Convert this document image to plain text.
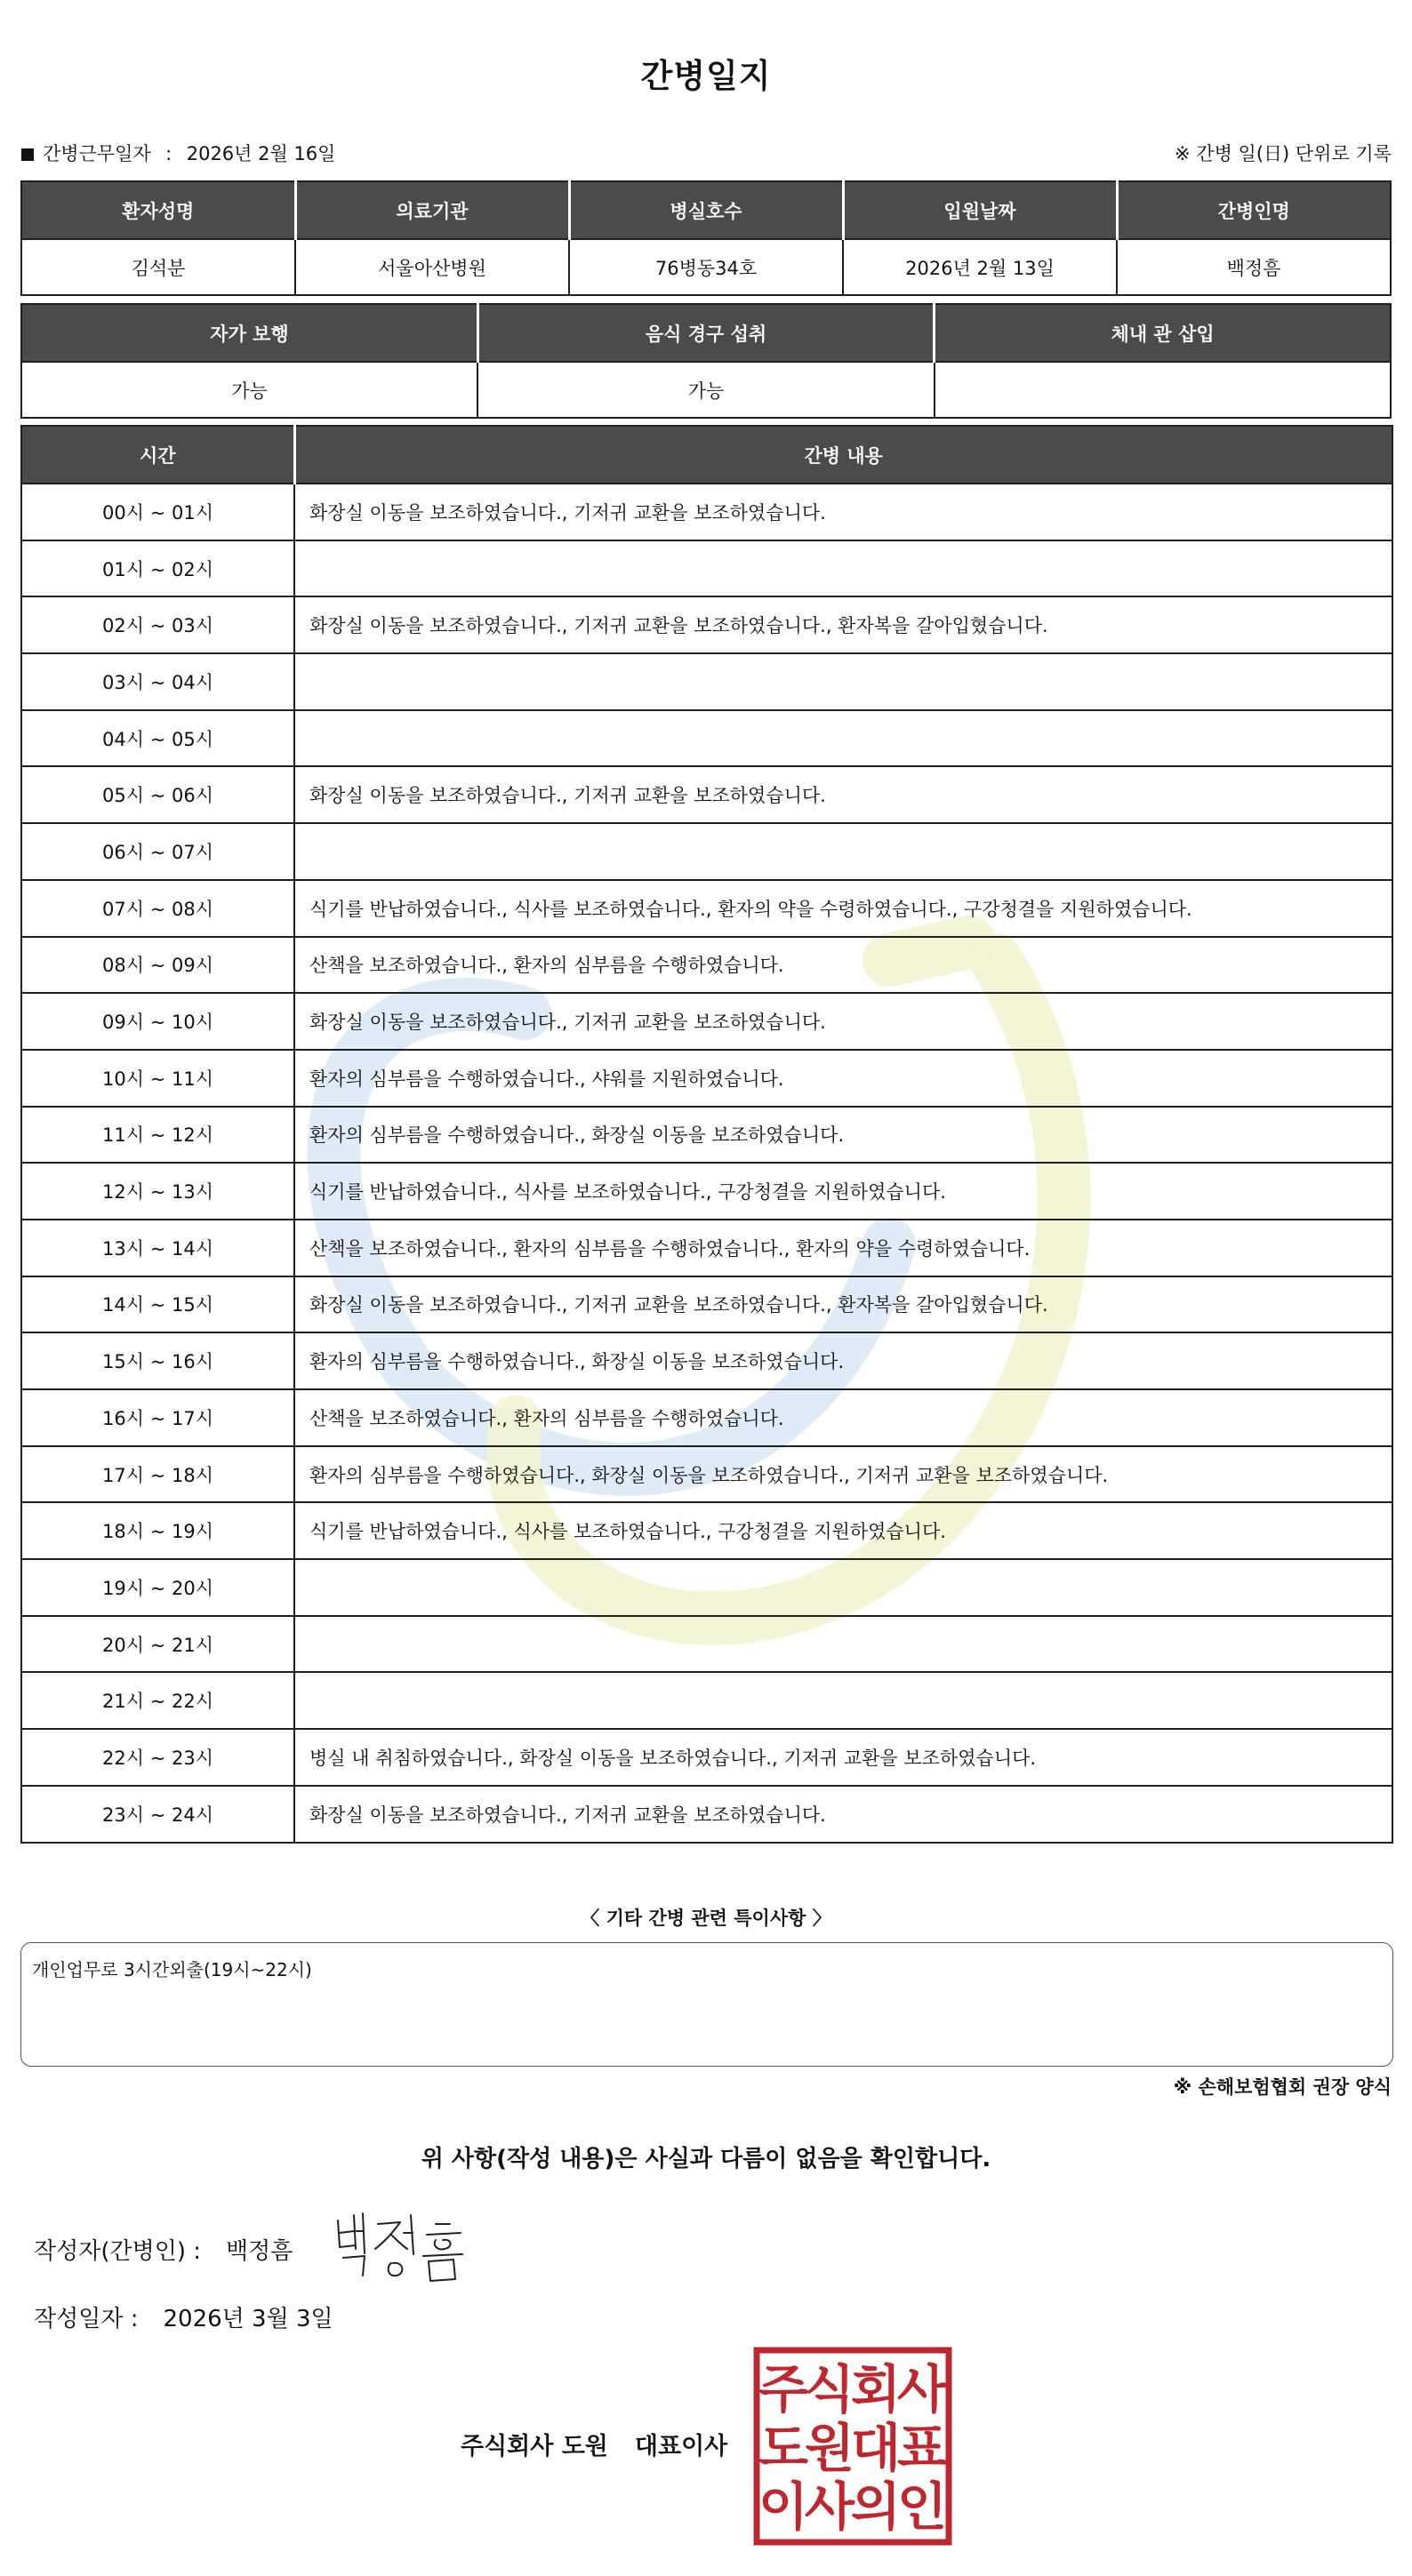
간병일지
간병근무일자 : 2026년 2월 16일	※ 간병 일(日) 단위로 기록
환자성명	의료기관	병실호수	입원날짜	간병인명
김석분	서울아산병원	76병동34호	2026년 2월 13일	백정흠
자가 보행	음식 경구 섭취	체내 관 삽입
가능	가능	
시간	간병 내용
00시 ~ 01시	화장실 이동을 보조하였습니다., 기저귀 교환을 보조하였습니다.
01시 ~ 02시	
02시 ~ 03시	화장실 이동을 보조하였습니다., 기저귀 교환을 보조하였습니다., 환자복을 갈아입혔습니다.
03시 ~ 04시	
04시 ~ 05시	
05시 ~ 06시	화장실 이동을 보조하였습니다., 기저귀 교환을 보조하였습니다.
06시 ~ 07시	
07시 ~ 08시	식기를 반납하였습니다., 식사를 보조하였습니다., 환자의 약을 수령하였습니다., 구강청결을 지원하였습니다.
08시 ~ 09시	산책을 보조하였습니다., 환자의 심부름을 수행하였습니다.
09시 ~ 10시	화장실 이동을 보조하였습니다., 기저귀 교환을 보조하였습니다.
10시 ~ 11시	환자의 심부름을 수행하였습니다., 샤워를 지원하였습니다.
11시 ~ 12시	환자의 심부름을 수행하였습니다., 화장실 이동을 보조하였습니다.
12시 ~ 13시	식기를 반납하였습니다., 식사를 보조하였습니다., 구강청결을 지원하였습니다.
13시 ~ 14시	산책을 보조하였습니다., 환자의 심부름을 수행하였습니다., 환자의 약을 수령하였습니다.
14시 ~ 15시	화장실 이동을 보조하였습니다., 기저귀 교환을 보조하였습니다., 환자복을 갈아입혔습니다.
15시 ~ 16시	환자의 심부름을 수행하였습니다., 화장실 이동을 보조하였습니다.
16시 ~ 17시	산책을 보조하였습니다., 환자의 심부름을 수행하였습니다.
17시 ~ 18시	환자의 심부름을 수행하였습니다., 화장실 이동을 보조하였습니다., 기저귀 교환을 보조하였습니다.
18시 ~ 19시	식기를 반납하였습니다., 식사를 보조하였습니다., 구강청결을 지원하였습니다.
19시 ~ 20시	
20시 ~ 21시	
21시 ~ 22시	
22시 ~ 23시	병실 내 취침하였습니다., 화장실 이동을 보조하였습니다., 기저귀 교환을 보조하였습니다.
23시 ~ 24시	화장실 이동을 보조하였습니다., 기저귀 교환을 보조하였습니다.
〈 기타 간병 관련 특이사항 〉
개인업무로 3시간외출(19시~22시)
※ 손해보험협회 권장 양식
위 사항(작성 내용)은 사실과 다름이 없음을 확인합니다.
작성자(간병인) : 백정흠
작성일자 : 2026년 3월 3일
주식회사 도원 대표이사
주
식
회
사
도
원
대
표
이
사
의
인
